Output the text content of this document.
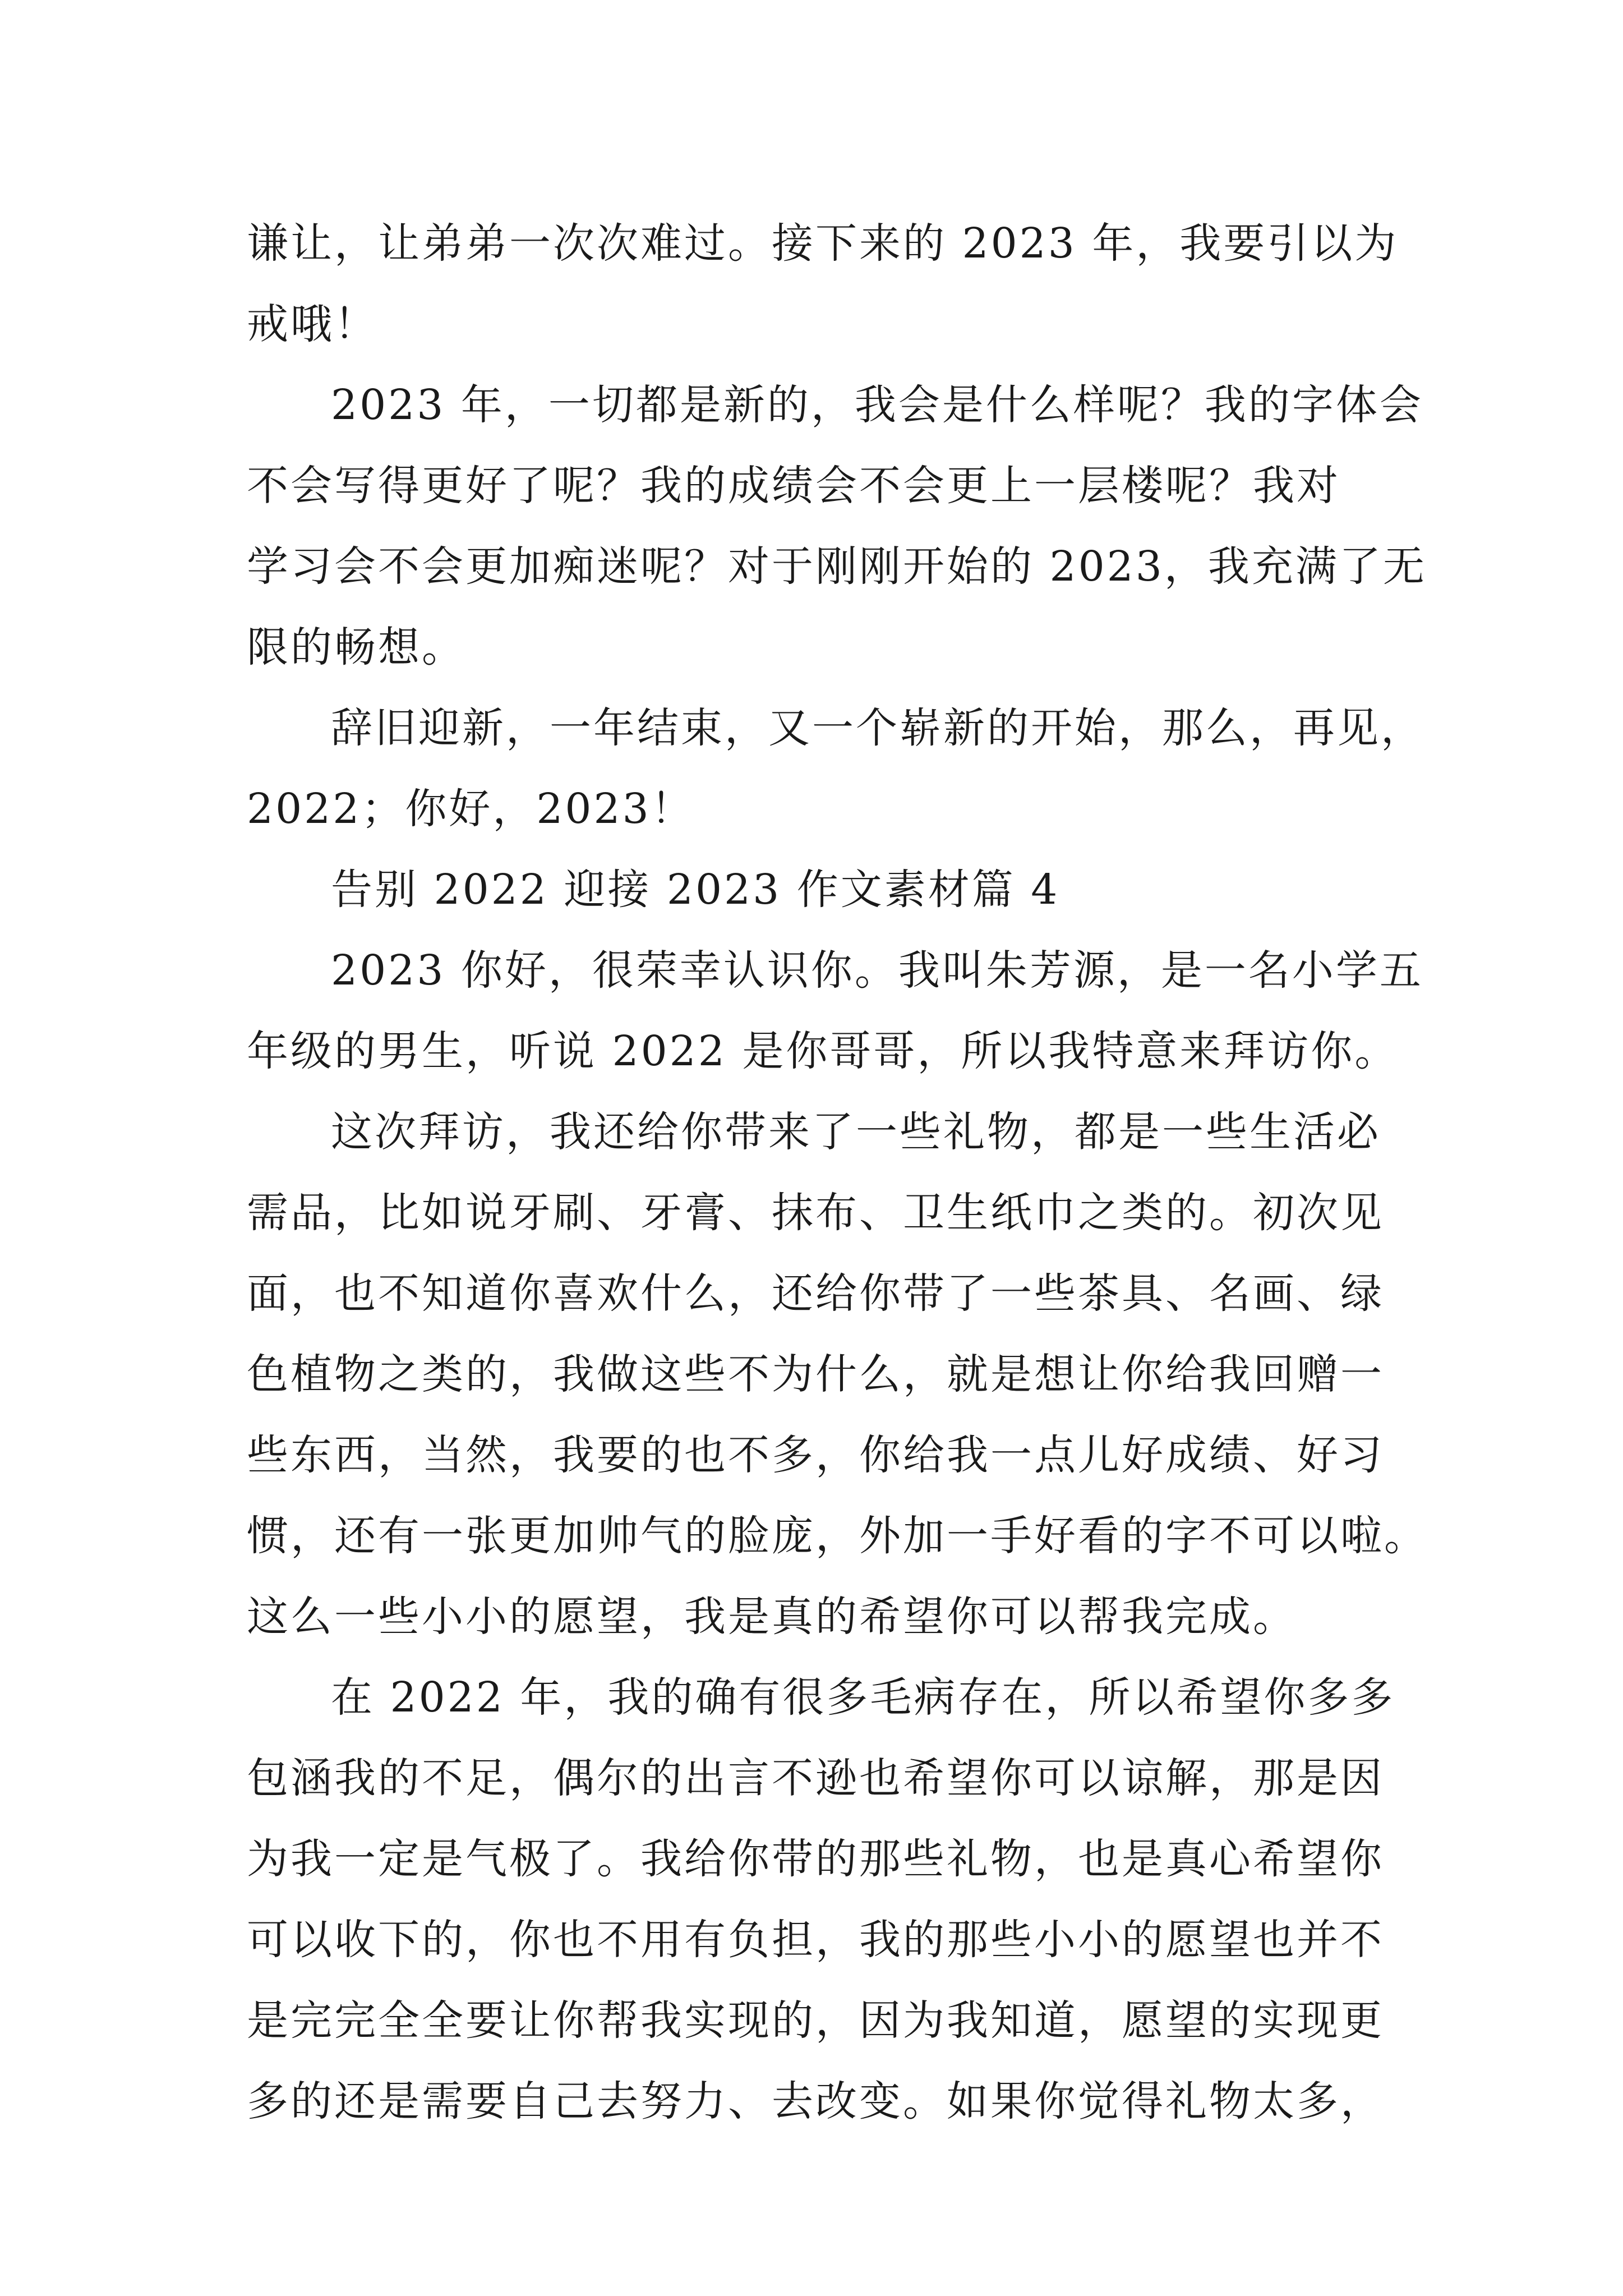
谦让，让弟弟一次次难过。接下来的 2023 年，我要引以为
戒哦！

2023 年，一切都是新的，我会是什么样呢？我的字体会
不会写得更好了呢？我的成绩会不会更上一层楼呢？我对
学习会不会更加痴迷呢？对于刚刚开始的 2023，我充满了无
限的畅想。

辞旧迎新，一年结束，又一个崭新的开始，那么，再见，
2022；你好，2023！

告别 2022 迎接 2023 作文素材篇 4

2023 你好，很荣幸认识你。我叫朱芳源，是一名小学五
年级的男生，听说 2022 是你哥哥，所以我特意来拜访你。

这次拜访，我还给你带来了一些礼物，都是一些生活必
需品，比如说牙刷、牙膏、抹布、卫生纸巾之类的。初次见
面，也不知道你喜欢什么，还给你带了一些茶具、名画、绿
色植物之类的，我做这些不为什么，就是想让你给我回赠一
些东西，当然，我要的也不多，你给我一点儿好成绩、好习
惯，还有一张更加帅气的脸庞，外加一手好看的字不可以啦。
这么一些小小的愿望，我是真的希望你可以帮我完成。

在 2022 年，我的确有很多毛病存在，所以希望你多多
包涵我的不足，偶尔的出言不逊也希望你可以谅解，那是因
为我一定是气极了。我给你带的那些礼物，也是真心希望你
可以收下的，你也不用有负担，我的那些小小的愿望也并不
是完完全全要让你帮我实现的，因为我知道，愿望的实现更
多的还是需要自己去努力、去改变。如果你觉得礼物太多，
